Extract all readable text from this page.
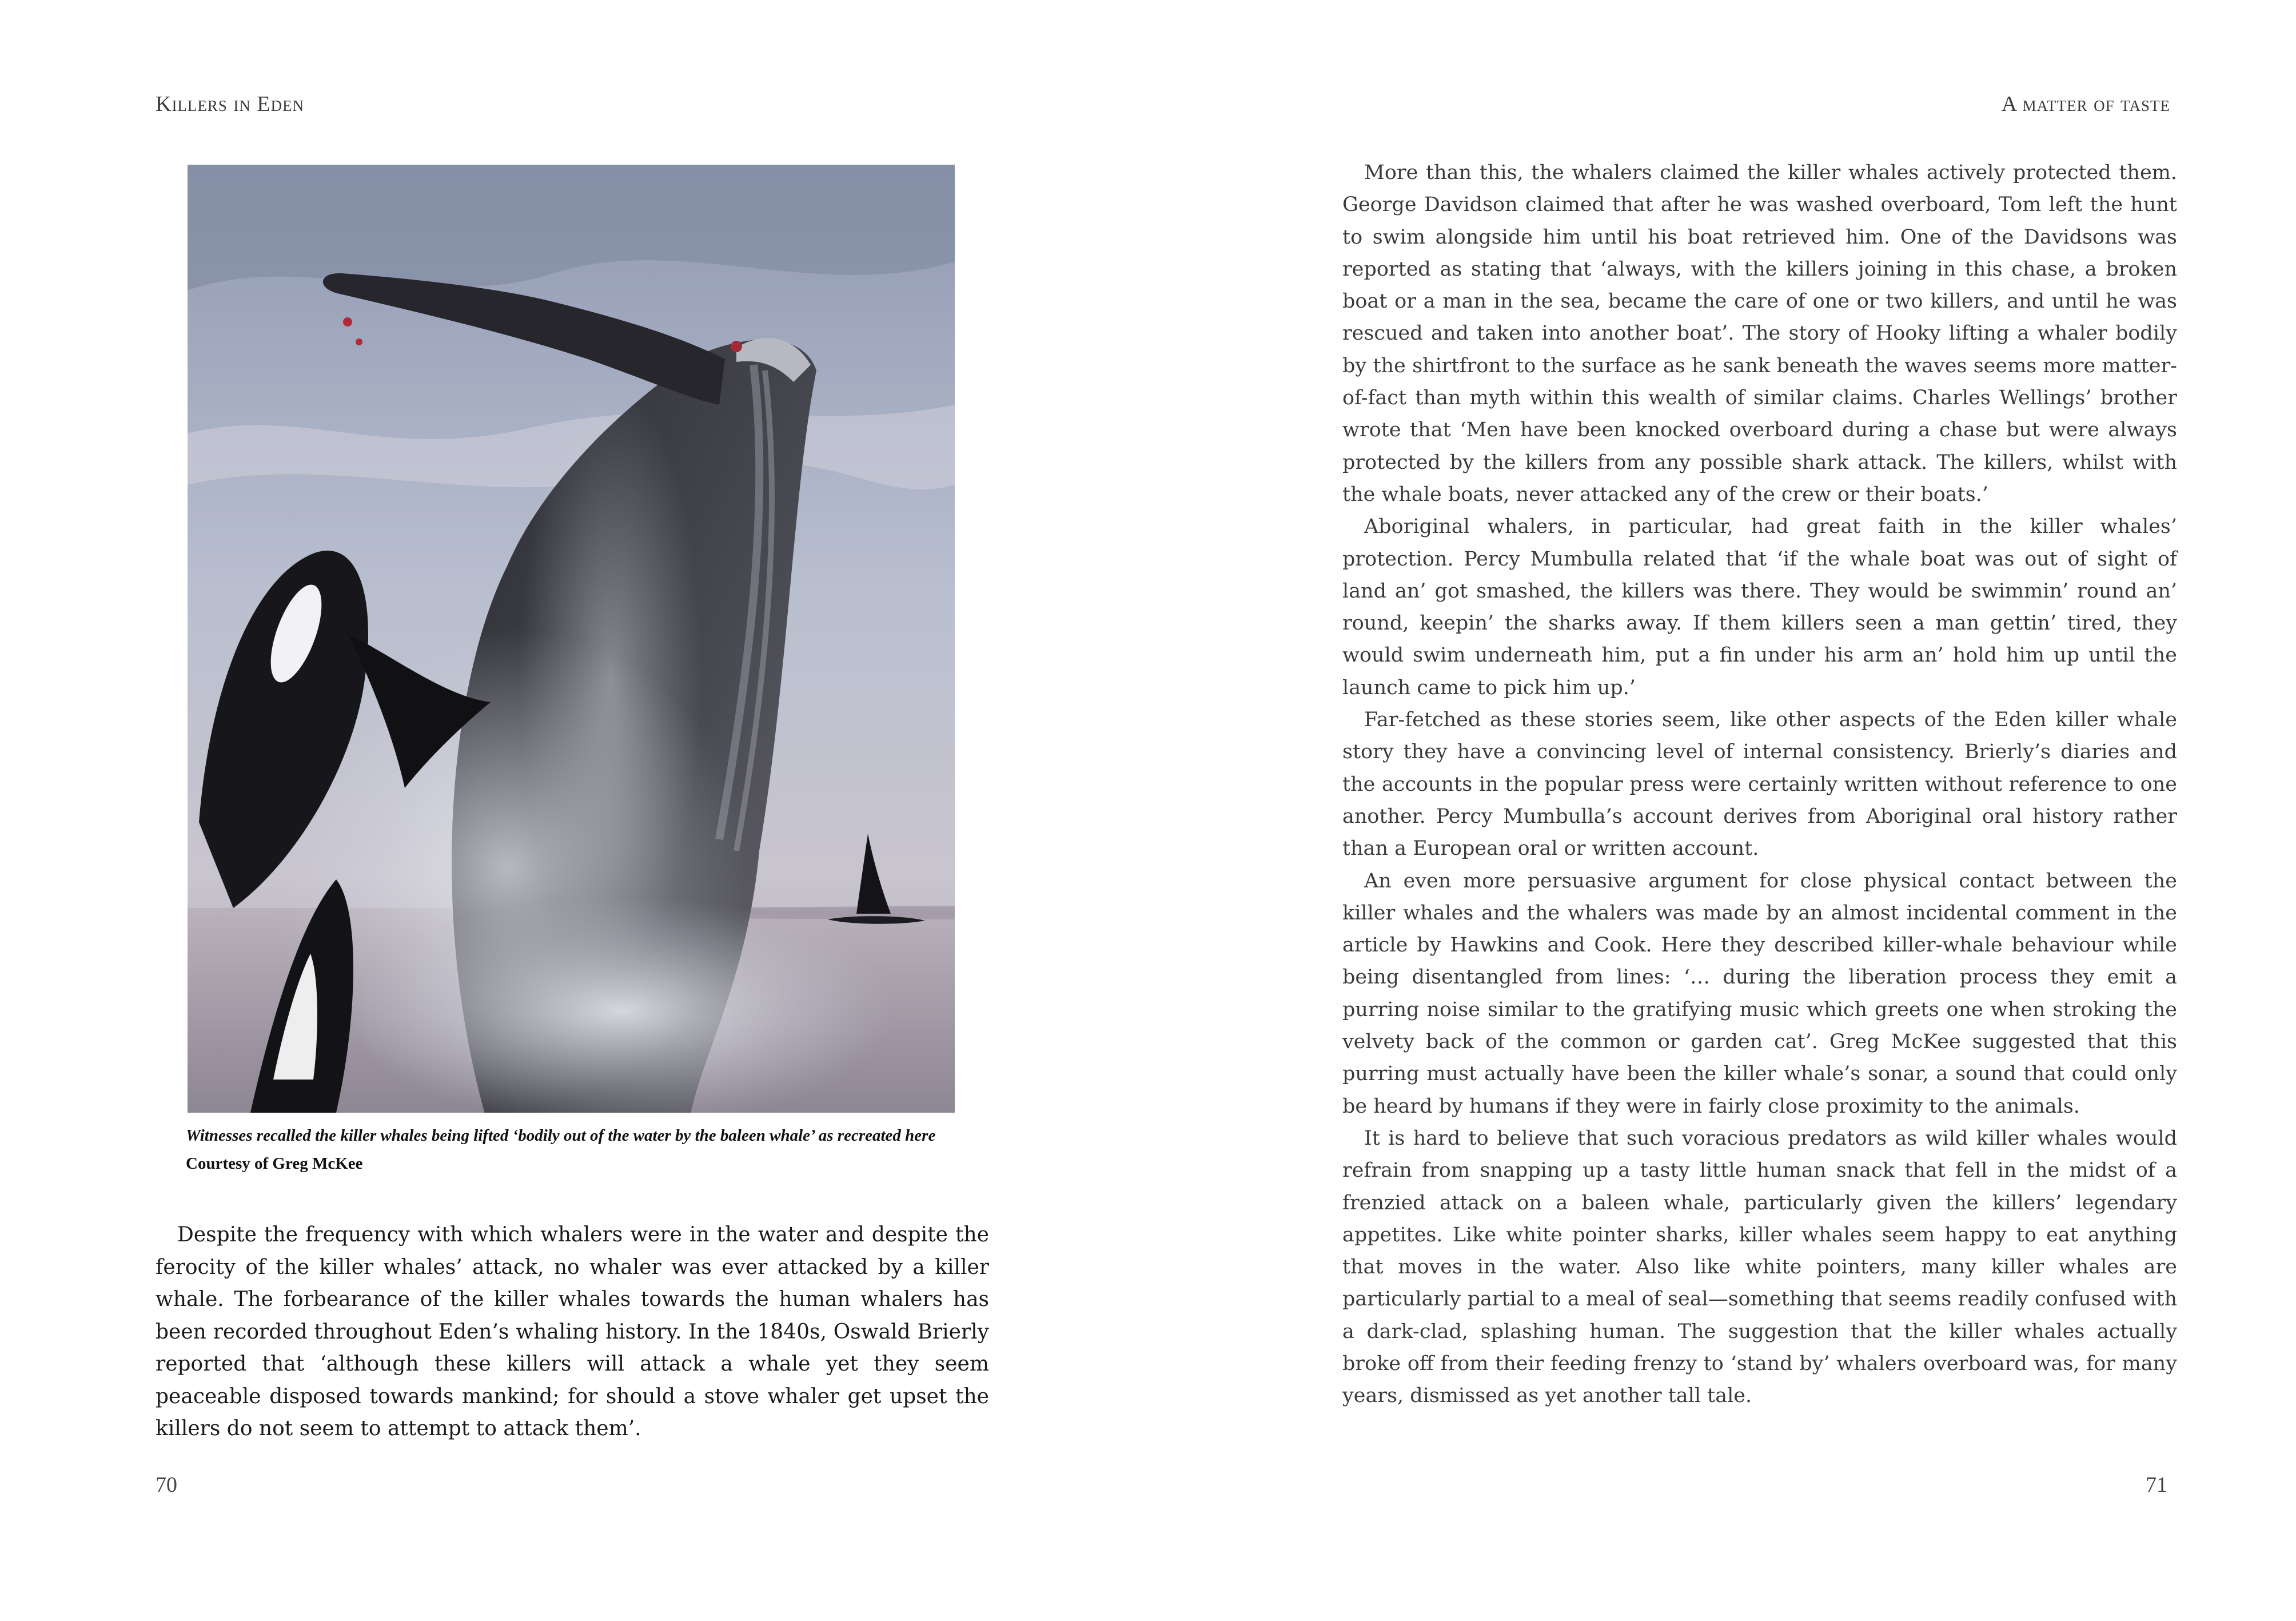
Killers in Eden
Witnesses recalled the killer whales being lifted ‘bodily out of the water by the baleen whale’ as recreated here
Courtesy of Greg McKee

Despite the frequency with which whalers were in the water and despite the ferocity of the killer whales’ attack, no whaler was ever attacked by a killer whale. The forbearance of the killer whales towards the human whalers has been recorded throughout Eden’s whaling history. In the 1840s, Oswald Brierly reported that ‘although these killers will attack a whale yet they seem peaceable disposed towards mankind; for should a stove whaler get upset the killers do not seem to attempt to attack them’.

70
A matter of taste

More than this, the whalers claimed the killer whales actively protected them. George Davidson claimed that after he was washed overboard, Tom left the hunt to swim alongside him until his boat retrieved him. One of the Davidsons was reported as stating that ‘always, with the killers joining in this chase, a broken boat or a man in the sea, became the care of one or two killers, and until he was rescued and taken into another boat’. The story of Hooky lifting a whaler bodily by the shirtfront to the surface as he sank beneath the waves seems more matter-of-fact than myth within this wealth of similar claims. Charles Wellings’ brother wrote that ‘Men have been knocked overboard during a chase but were always protected by the killers from any possible shark attack. The killers, whilst with the whale boats, never attacked any of the crew or their boats.’

Aboriginal whalers, in particular, had great faith in the killer whales’ protection. Percy Mumbulla related that ‘if the whale boat was out of sight of land an’ got smashed, the killers was there. They would be swimmin’ round an’ round, keepin’ the sharks away. If them killers seen a man gettin’ tired, they would swim underneath him, put a fin under his arm an’ hold him up until the launch came to pick him up.’

Far-fetched as these stories seem, like other aspects of the Eden killer whale story they have a convincing level of internal consistency. Brierly’s diaries and the accounts in the popular press were certainly written without reference to one another. Percy Mumbulla’s account derives from Aboriginal oral history rather than a European oral or written account.

An even more persuasive argument for close physical contact between the killer whales and the whalers was made by an almost incidental comment in the article by Hawkins and Cook. Here they described killer-whale behaviour while being disentangled from lines: ‘… during the liberation process they emit a purring noise similar to the gratifying music which greets one when stroking the velvety back of the common or garden cat’. Greg McKee suggested that this purring must actually have been the killer whale’s sonar, a sound that could only be heard by humans if they were in fairly close proximity to the animals.

It is hard to believe that such voracious predators as wild killer whales would refrain from snapping up a tasty little human snack that fell in the midst of a frenzied attack on a baleen whale, particularly given the killers’ legendary appetites. Like white pointer sharks, killer whales seem happy to eat anything that moves in the water. Also like white pointers, many killer whales are particularly partial to a meal of seal—something that seems readily confused with a dark-clad, splashing human. The suggestion that the killer whales actually broke off from their feeding frenzy to ‘stand by’ whalers overboard was, for many years, dismissed as yet another tall tale.

71
